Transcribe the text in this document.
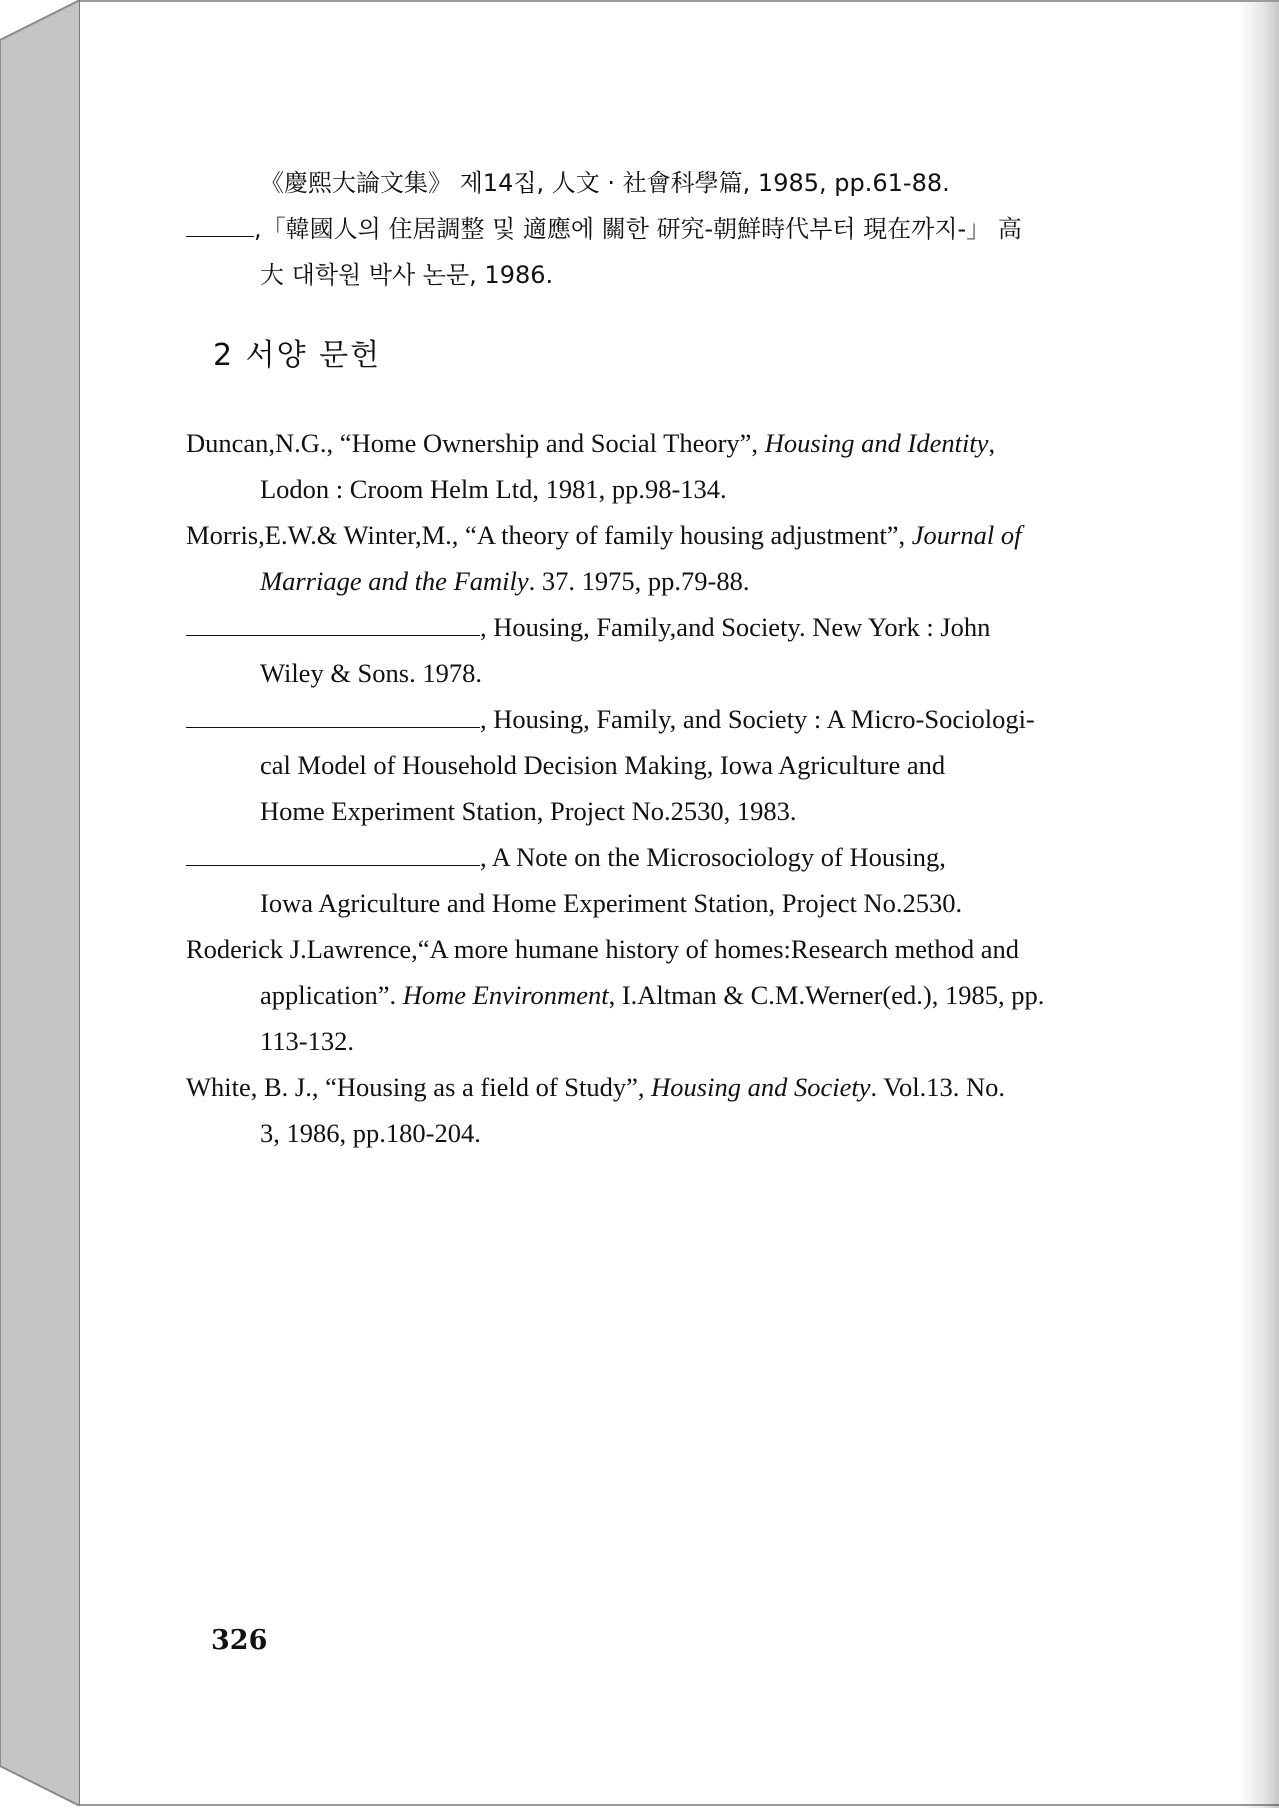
《慶熙大論文集》 제14집, 人文 · 社會科學篇, 1985, pp.61-88.
,「韓國人의 住居調整 및 適應에 關한 研究-朝鮮時代부터 現在까지-」 高
大 대학원 박사 논문, 1986.
2 서양 문헌
Duncan,N.G., “Home Ownership and Social Theory”, Housing and Identity,
Lodon : Croom Helm Ltd, 1981, pp.98-134.
Morris,E.W.& Winter,M., “A theory of family housing adjustment”, Journal of
Marriage and the Family. 37. 1975, pp.79-88.
, Housing, Family,and Society. New York : John
Wiley & Sons. 1978.
, Housing, Family, and Society : A Micro-Sociologi-
cal Model of Household Decision Making, Iowa Agriculture and
Home Experiment Station, Project No.2530, 1983.
, A Note on the Microsociology of Housing,
Iowa Agriculture and Home Experiment Station, Project No.2530.
Roderick J.Lawrence,“A more humane history of homes:Research method and
application”. Home Environment, I.Altman & C.M.Werner(ed.), 1985, pp.
113-132.
White, B. J., “Housing as a field of Study”, Housing and Society. Vol.13. No.
3, 1986, pp.180-204.
326
